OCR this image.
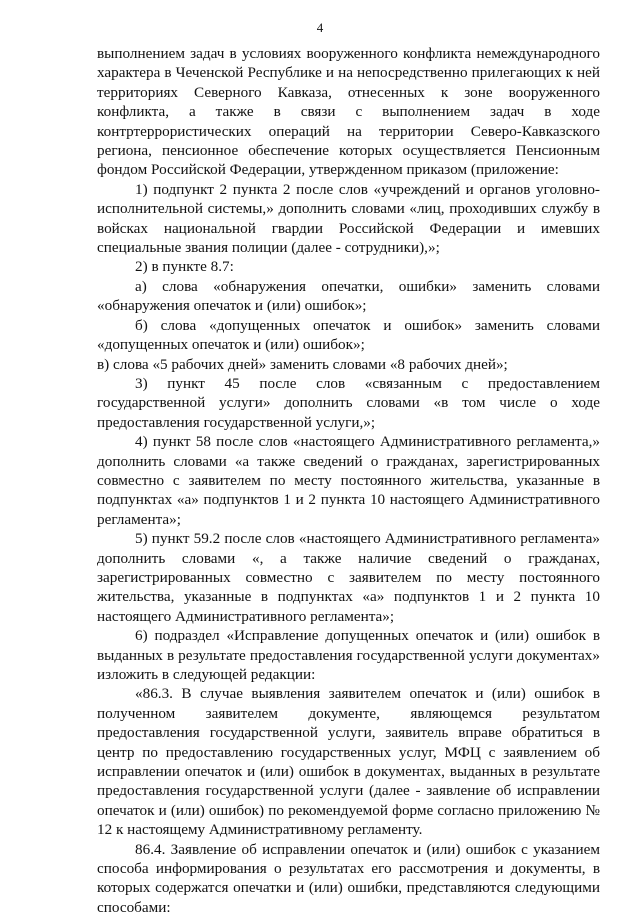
4

выполнением задач в условиях вооруженного конфликта немеждународного характера в Чеченской Республике и на непосредственно прилегающих к ней территориях Северного Кавказа, отнесенных к зоне вооруженного конфликта, а также в связи с выполнением задач в ходе контртеррористических операций на территории Северо-Кавказского региона, пенсионное обеспечение которых осуществляется Пенсионным фондом Российской Федерации, утвержденном приказом (приложение:

1) подпункт 2 пункта 2 после слов «учреждений и органов уголовно-исполнительной системы,» дополнить словами «лиц, проходивших службу в войсках национальной гвардии Российской Федерации и имевших специальные звания полиции (далее - сотрудники),»;

2) в пункте 8.7:

а) слова «обнаружения опечатки, ошибки» заменить словами «обнаружения опечаток и (или) ошибок»;

б) слова «допущенных опечаток и ошибок» заменить словами «допущенных опечаток и (или) ошибок»;

в) слова «5 рабочих дней» заменить словами «8 рабочих дней»;

3) пункт 45 после слов «связанным с предоставлением государственной услуги» дополнить словами «в том числе о ходе предоставления государственной услуги,»;

4) пункт 58 после слов «настоящего Административного регламента,» дополнить словами «а также сведений о гражданах, зарегистрированных совместно с заявителем по месту постоянного жительства, указанные в подпунктах «а» подпунктов 1 и 2 пункта 10 настоящего Административного регламента»;

5) пункт 59.2 после слов «настоящего Административного регламента» дополнить словами «, а также наличие сведений о гражданах, зарегистрированных совместно с заявителем по месту постоянного жительства, указанные в подпунктах «а» подпунктов 1 и 2 пункта 10 настоящего Административного регламента»;

6) подраздел «Исправление допущенных опечаток и (или) ошибок в выданных в результате предоставления государственной услуги документах» изложить в следующей редакции:

«86.3. В случае выявления заявителем опечаток и (или) ошибок в полученном заявителем документе, являющемся результатом предоставления государственной услуги, заявитель вправе обратиться в центр по предоставлению государственных услуг, МФЦ с заявлением об исправлении опечаток и (или) ошибок в документах, выданных в результате предоставления государственной услуги (далее - заявление об исправлении опечаток и (или) ошибок) по рекомендуемой форме согласно приложению № 12 к настоящему Административному регламенту.

86.4. Заявление об исправлении опечаток и (или) ошибок с указанием способа информирования о результатах его рассмотрения и документы, в которых содержатся опечатки и (или) ошибки, представляются следующими способами:
